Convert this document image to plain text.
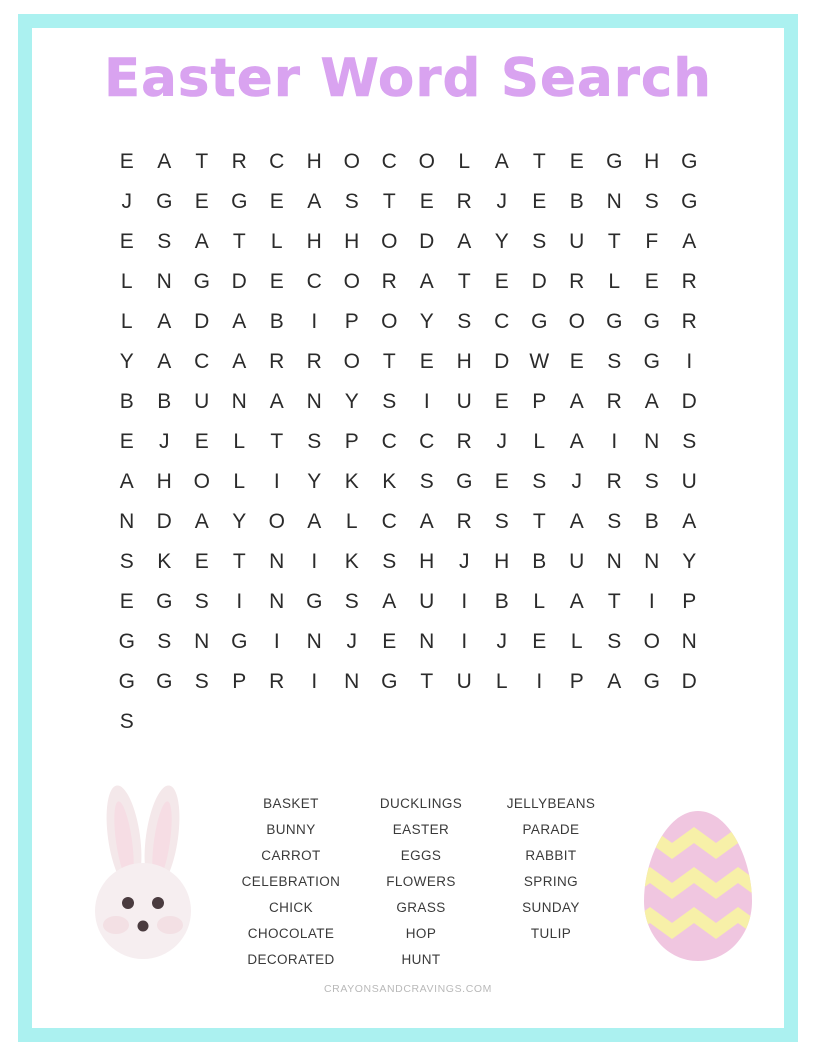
Easter Word Search
E	A	T	R	C	H	O	C	O	L	A	T	E	G	H	G
J	G	E	G	E	A	S	T	E	R	J	E	B	N	S	G
E	S	A	T	L	H	H	O	D	A	Y	S	U	T	F	A
L	N	G	D	E	C	O	R	A	T	E	D	R	L	E	R
L	A	D	A	B	I	P	O	Y	S	C	G	O	G	G	R
Y	A	C	A	R	R	O	T	E	H	D W E	S	G	I
B	B	U	N	A	N	Y	S	I	U	E	P	A	R	A	D
E	J	E	L	T	S	P	C	C	R	J	L	A	I	N	S
A	H	O	L	I	Y	K	K	S	G	E	S	J	R	S	U
N	D	A	Y	O	A	L	C	A	R	S	T	A	S	B	A
S	K	E	T	N	I	K	S	H	J	H	B	U	N	N	Y
E	G	S	I	N	G	S	A	U	I	B	L	A	T	I	P
G	S	N	G	I	N	J	E	N	I	J	E	L	S	O	N
G	G	S	P	R	I	N	G	T	U	L	I	P	A	G	D
S
BASKET
BUNNY
CARROT
CELEBRATION
CHICK
CHOCOLATE
DECORATED
DUCKLINGS
EASTER
EGGS
FLOWERS
GRASS
HOP
HUNT
JELLYBEANS
PARADE
RABBIT
SPRING
SUNDAY
TULIP
CRAYONSANDCRAVINGS.COM
